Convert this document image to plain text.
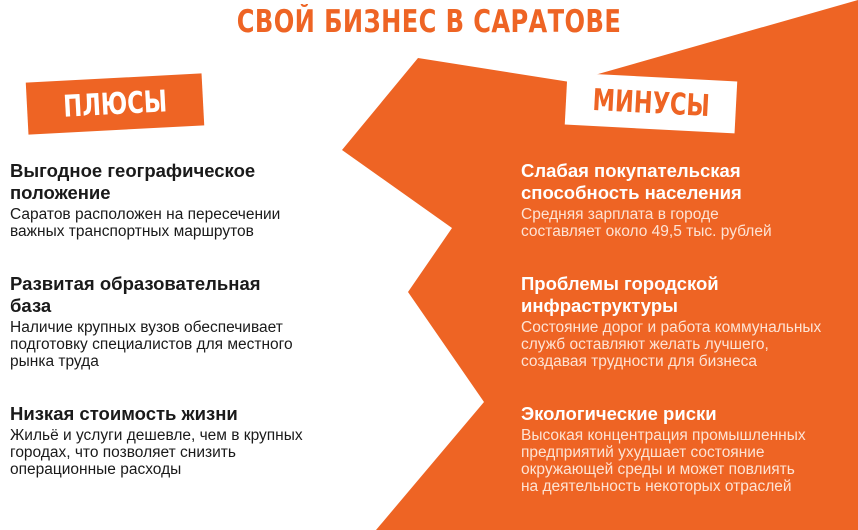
СВОЙ БИЗНЕС В САРАТОВЕ
ПЛЮСЫ	МИНУСЫ
Выгодное географическое
положение
Саратов расположен на пересечении
важных транспортных маршрутов
Развитая образовательная
база
Наличие крупных вузов обеспечивает
подготовку специалистов для местного
рынка труда
Низкая стоимость жизни
Жильё и услуги дешевле, чем в крупных
городах, что позволяет снизить
операционные расходы
Слабая покупательская
способность населения
Средняя зарплата в городе
составляет около 49,5 тыс. рублей
Проблемы городской
инфраструктуры
Состояние дорог и работа коммунальных
служб оставляют желать лучшего,
создавая трудности для бизнеса
Экологические риски
Высокая концентрация промышленных
предприятий ухудшает состояние
окружающей среды и может повлиять
на деятельность некоторых отраслей
